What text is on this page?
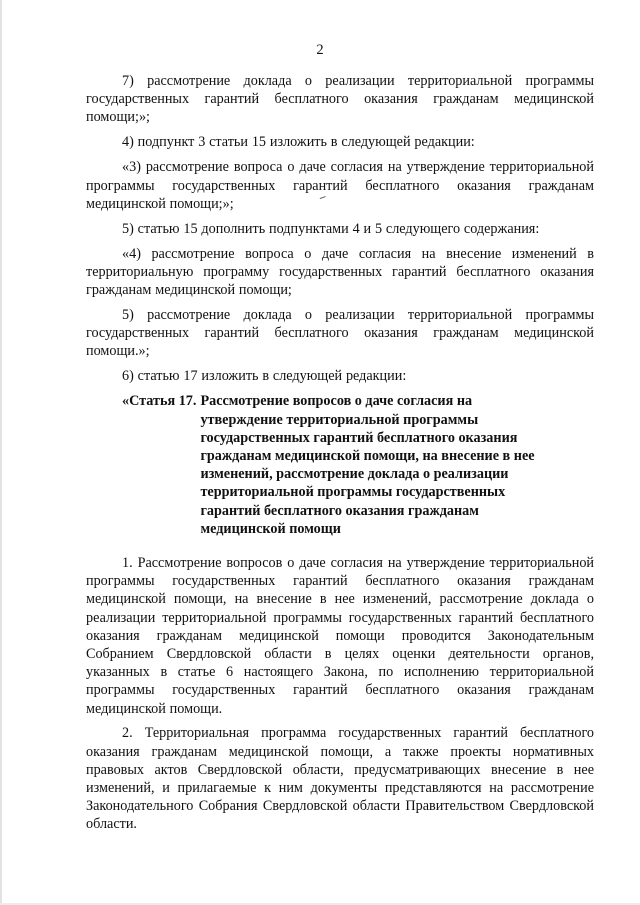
2

7) рассмотрение доклада о реализации территориальной программы государственных гарантий бесплатного оказания гражданам медицинской помощи;»;

4) подпункт 3 статьи 15 изложить в следующей редакции:

«3) рассмотрение вопроса о даче согласия на утверждение территориальной программы государственных гарантий бесплатного оказания гражданам медицинской помощи;»;

5) статью 15 дополнить подпунктами 4 и 5 следующего содержания:

«4) рассмотрение вопроса о даче согласия на внесение изменений в территориальную программу государственных гарантий бесплатного оказания гражданам медицинской помощи;

5) рассмотрение доклада о реализации территориальной программы государственных гарантий бесплатного оказания гражданам медицинской помощи.»;

6) статью 17 изложить в следующей редакции:

«Статья 17. Рассмотрение вопросов о даче согласия на
утверждение территориальной программы
государственных гарантий бесплатного оказания
гражданам медицинской помощи, на внесение в нее
изменений, рассмотрение доклада о реализации
территориальной программы государственных
гарантий бесплатного оказания гражданам
медицинской помощи

1. Рассмотрение вопросов о даче согласия на утверждение территориальной программы государственных гарантий бесплатного оказания гражданам медицинской помощи, на внесение в нее изменений, рассмотрение доклада о реализации территориальной программы государственных гарантий бесплатного оказания гражданам медицинской помощи проводится Законодательным Собранием Свердловской области в целях оценки деятельности органов, указанных в статье 6 настоящего Закона, по исполнению территориальной программы государственных гарантий бесплатного оказания гражданам медицинской помощи.

2. Территориальная программа государственных гарантий бесплатного оказания гражданам медицинской помощи, а также проекты нормативных правовых актов Свердловской области, предусматривающих внесение в нее изменений, и прилагаемые к ним документы представляются на рассмотрение Законодательного Собрания Свердловской области Правительством Свердловской области.
